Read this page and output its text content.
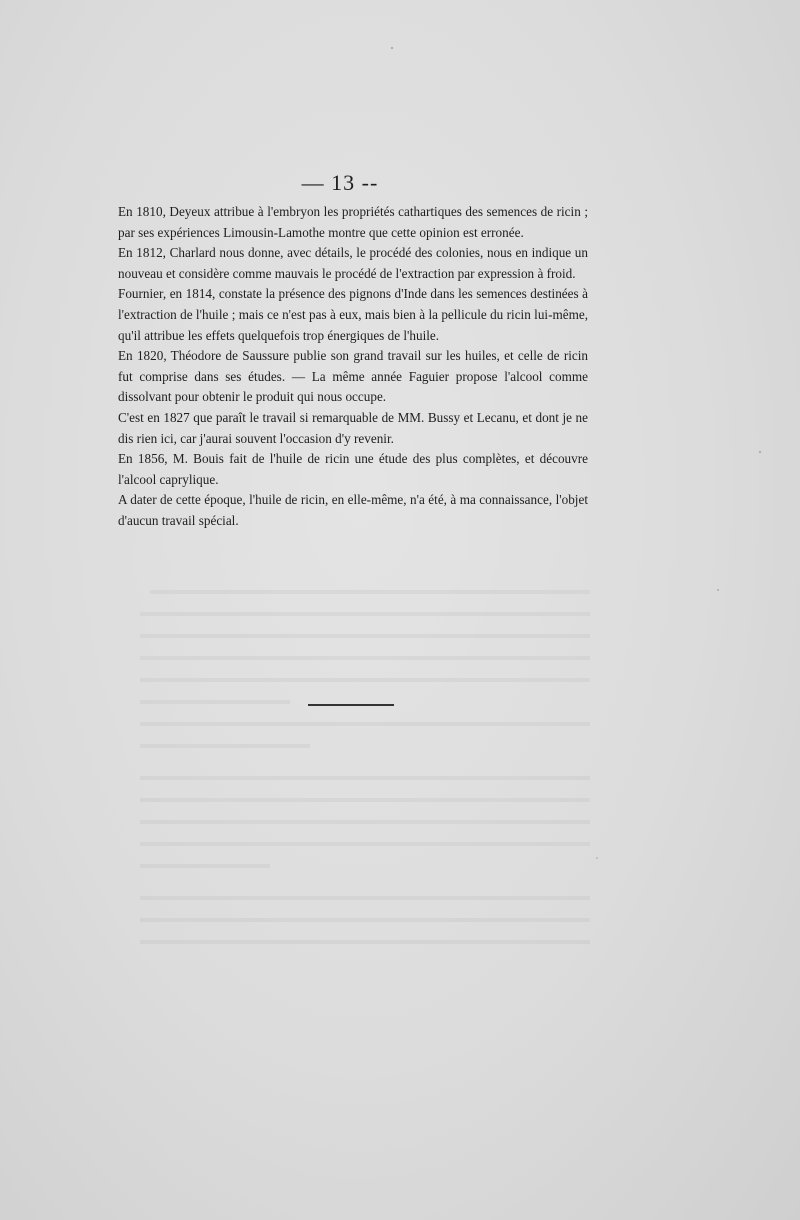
— 13 --

En 1810, Deyeux attribue à l'embryon les propriétés cathartiques des semences de ricin ; par ses expériences Limousin-Lamothe montre que cette opinion est erronée.

En 1812, Charlard nous donne, avec détails, le procédé des colonies, nous en indique un nouveau et considère comme mauvais le procédé de l'extraction par expression à froid.

Fournier, en 1814, constate la présence des pignons d'Inde dans les semences destinées à l'extraction de l'huile ; mais ce n'est pas à eux, mais bien à la pellicule du ricin lui-même, qu'il attribue les effets quelquefois trop énergiques de l'huile.

En 1820, Théodore de Saussure publie son grand travail sur les huiles, et celle de ricin fut comprise dans ses études. — La même année Faguier propose l'alcool comme dissolvant pour obtenir le produit qui nous occupe.

C'est en 1827 que paraît le travail si remarquable de MM. Bussy et Lecanu, et dont je ne dis rien ici, car j'aurai souvent l'occasion d'y revenir.

En 1856, M. Bouis fait de l'huile de ricin une étude des plus complètes, et découvre l'alcool caprylique.

A dater de cette époque, l'huile de ricin, en elle-même, n'a été, à ma connaissance, l'objet d'aucun travail spécial.
